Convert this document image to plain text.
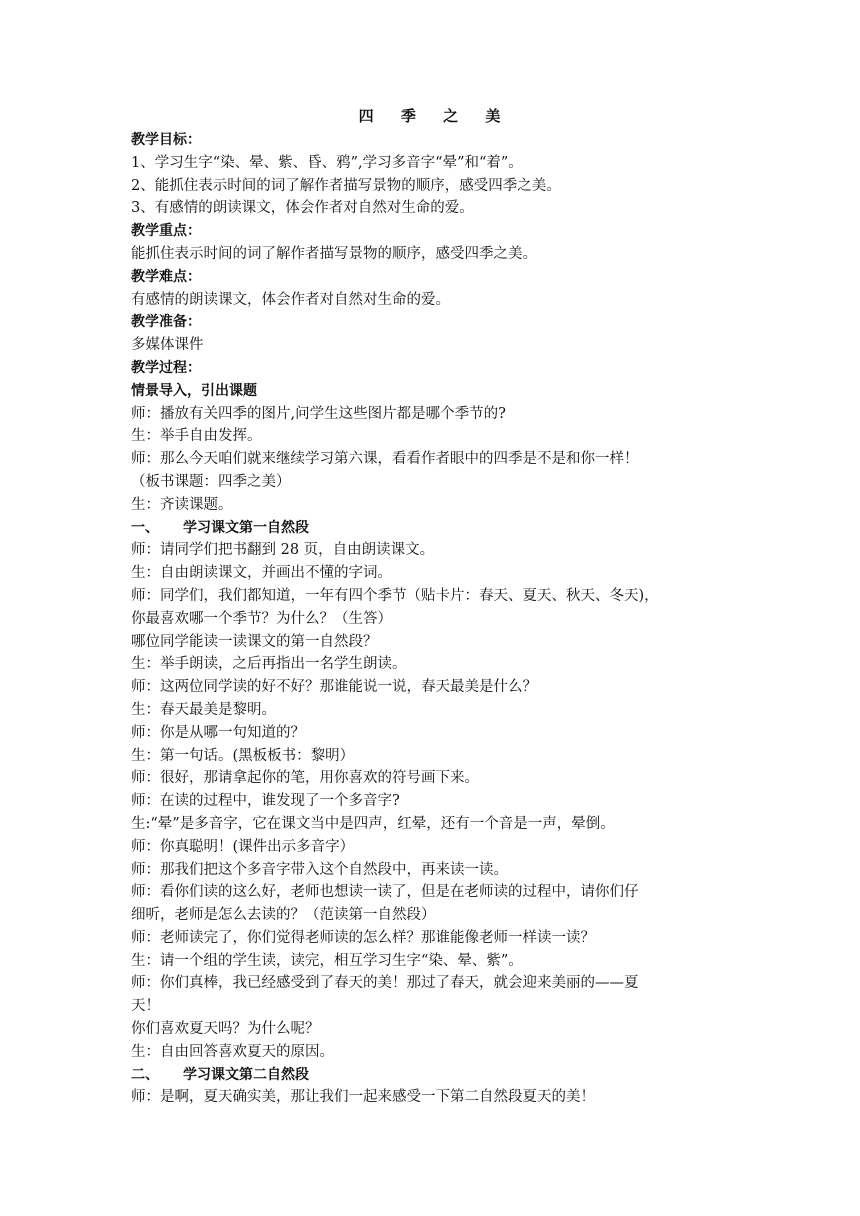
四 季 之 美
教学目标：
1、学习生字“染、晕、紫、昏、鸦”,学习多音字“晕”和“着”。
2、能抓住表示时间的词了解作者描写景物的顺序，感受四季之美。
3、有感情的朗读课文，体会作者对自然对生命的爱。
教学重点：
能抓住表示时间的词了解作者描写景物的顺序，感受四季之美。
教学难点：
有感情的朗读课文，体会作者对自然对生命的爱。
教学准备：
多媒体课件
教学过程：
情景导入，引出课题
师：播放有关四季的图片,问学生这些图片都是哪个季节的?
生：举手自由发挥。
师：那么今天咱们就来继续学习第六课，看看作者眼中的四季是不是和你一样！
（板书课题：四季之美）
生：齐读课题。
一、 学习课文第一自然段
师：请同学们把书翻到 28 页，自由朗读课文。
生：自由朗读课文，并画出不懂的字词。
师：同学们，我们都知道，一年有四个季节（贴卡片：春天、夏天、秋天、冬天)，
你最喜欢哪一个季节？为什么？（生答）
哪位同学能读一读课文的第一自然段？
生：举手朗读，之后再指出一名学生朗读。
师：这两位同学读的好不好？那谁能说一说，春天最美是什么？
生：春天最美是黎明。
师：你是从哪一句知道的？
生：第一句话。(黑板板书：黎明）
师：很好，那请拿起你的笔，用你喜欢的符号画下来。
师：在读的过程中，谁发现了一个多音字?
生:“晕”是多音字，它在课文当中是四声，红晕，还有一个音是一声，晕倒。
师：你真聪明！(课件出示多音字）
师：那我们把这个多音字带入这个自然段中，再来读一读。
师：看你们读的这么好，老师也想读一读了，但是在老师读的过程中，请你们仔
细听，老师是怎么去读的？（范读第一自然段）
师：老师读完了，你们觉得老师读的怎么样？那谁能像老师一样读一读？
生：请一个组的学生读，读完，相互学习生字“染、晕、紫”。
师：你们真棒，我已经感受到了春天的美！那过了春天，就会迎来美丽的——夏
天！
你们喜欢夏天吗？为什么呢？
生：自由回答喜欢夏天的原因。
二、 学习课文第二自然段
师：是啊，夏天确实美，那让我们一起来感受一下第二自然段夏天的美！
